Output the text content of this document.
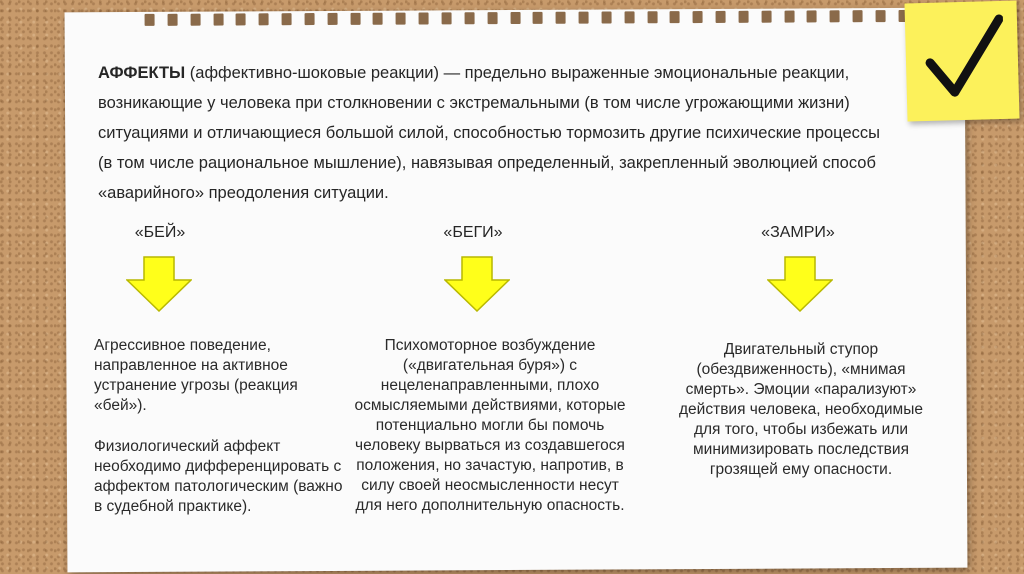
АФФЕКТЫ (аффективно-шоковые реакции) — предельно выраженные эмоциональные реакции, возникающие у человека при столкновении с экстремальными (в том числе угрожающими жизни) ситуациями и отличающиеся большой силой, способностью тормозить другие психические процессы (в том числе рациональное мышление), навязывая определенный, закрепленный эволюцией способ «аварийного» преодоления ситуации.
«БЕЙ»

Агрессивное поведение, направленное на активное устранение угрозы (реакция «бей»).

Физиологический аффект необходимо дифференцировать с аффектом патологическим (важно в судебной практике).

«БЕГИ»

Психомоторное возбуждение («двигательная буря») с нецеленаправленными, плохо осмысляемыми действиями, которые потенциально могли бы помочь человеку вырваться из создавшегося положения, но зачастую, напротив, в силу своей неосмысленности несут для него дополнительную опасность.

«ЗАМРИ»

Двигательный ступор (обездвиженность), «мнимая смерть». Эмоции «парализуют» действия человека, необходимые для того, чтобы избежать или минимизировать последствия грозящей ему опасности.
